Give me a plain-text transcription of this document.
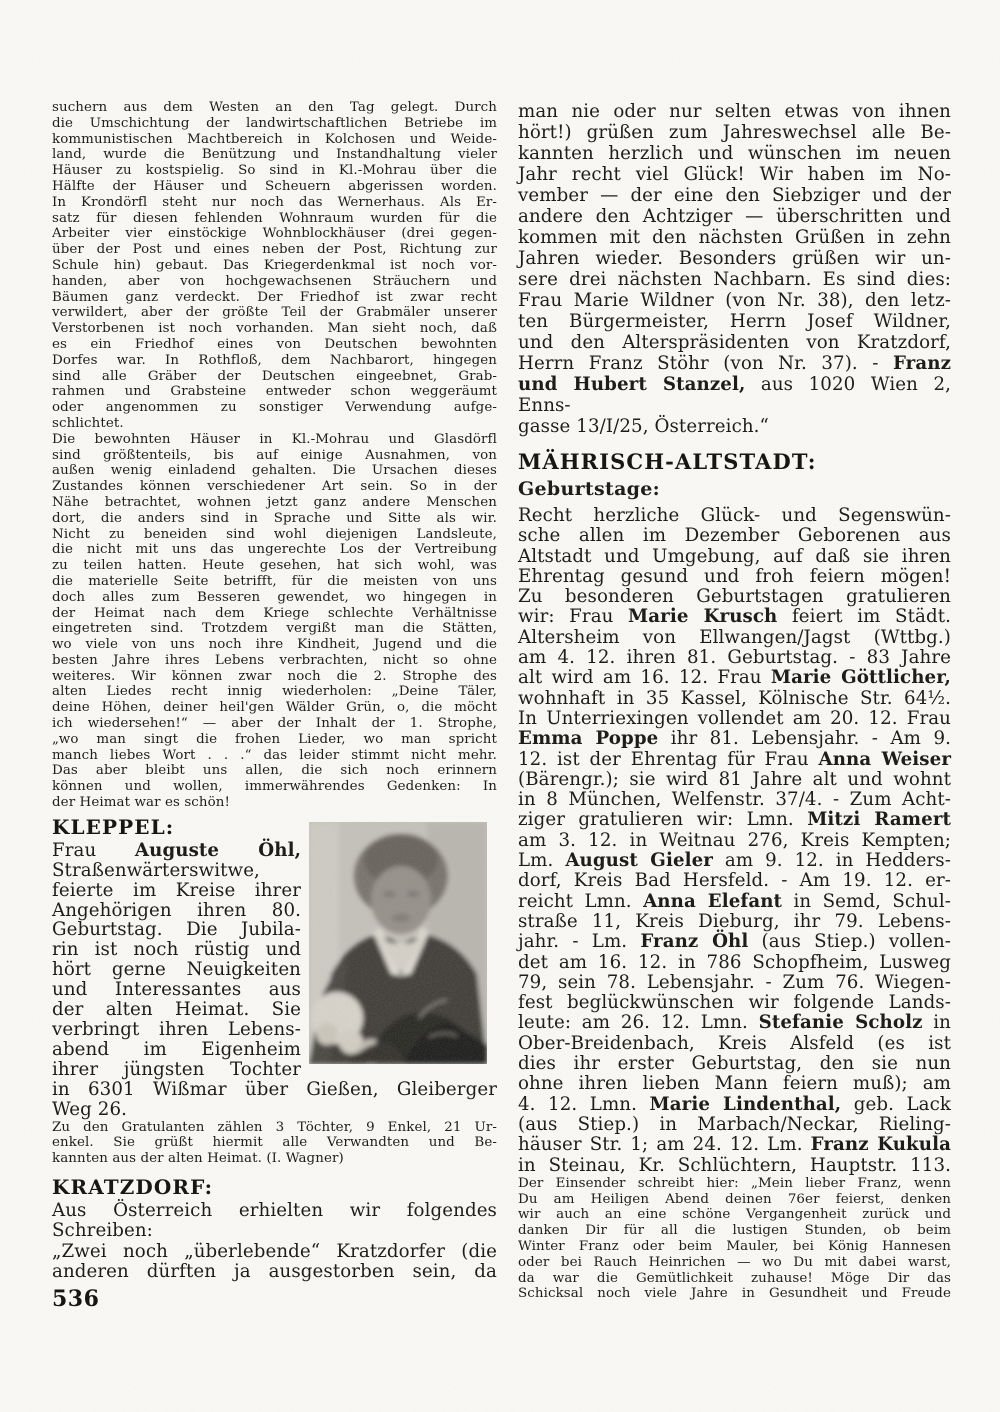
suchern aus dem Westen an den Tag gelegt. Durch
die Umschichtung der landwirtschaftlichen Betriebe im
kommunistischen Machtbereich in Kolchosen und Weide-
land, wurde die Benützung und Instandhaltung vieler
Häuser zu kostspielig. So sind in Kl.-Mohrau über die
Hälfte der Häuser und Scheuern abgerissen worden.
In Krondörfl steht nur noch das Wernerhaus. Als Er-
satz für diesen fehlenden Wohnraum wurden für die
Arbeiter vier einstöckige Wohnblockhäuser (drei gegen-
über der Post und eines neben der Post, Richtung zur
Schule hin) gebaut. Das Kriegerdenkmal ist noch vor-
handen, aber von hochgewachsenen Sträuchern und
Bäumen ganz verdeckt. Der Friedhof ist zwar recht
verwildert, aber der größte Teil der Grabmäler unserer
Verstorbenen ist noch vorhanden. Man sieht noch, daß
es ein Friedhof eines von Deutschen bewohnten
Dorfes war. In Rothfloß, dem Nachbarort, hingegen
sind alle Gräber der Deutschen eingeebnet, Grab-
rahmen und Grabsteine entweder schon weggeräumt
oder angenommen zu sonstiger Verwendung aufge-
schlichtet.
Die bewohnten Häuser in Kl.-Mohrau und Glasdörfl
sind größtenteils, bis auf einige Ausnahmen, von
außen wenig einladend gehalten. Die Ursachen dieses
Zustandes können verschiedener Art sein. So in der
Nähe betrachtet, wohnen jetzt ganz andere Menschen
dort, die anders sind in Sprache und Sitte als wir.
Nicht zu beneiden sind wohl diejenigen Landsleute,
die nicht mit uns das ungerechte Los der Vertreibung
zu teilen hatten. Heute gesehen, hat sich wohl, was
die materielle Seite betrifft, für die meisten von uns
doch alles zum Besseren gewendet, wo hingegen in
der Heimat nach dem Kriege schlechte Verhältnisse
eingetreten sind. Trotzdem vergißt man die Stätten,
wo viele von uns noch ihre Kindheit, Jugend und die
besten Jahre ihres Lebens verbrachten, nicht so ohne
weiteres. Wir können zwar noch die 2. Strophe des
alten Liedes recht innig wiederholen: „Deine Täler,
deine Höhen, deiner heil'gen Wälder Grün, o, die möcht
ich wiedersehen!“ — aber der Inhalt der 1. Strophe,
„wo man singt die frohen Lieder, wo man spricht
manch liebes Wort . . .“ das leider stimmt nicht mehr.
Das aber bleibt uns allen, die sich noch erinnern
können und wollen, immerwährendes Gedenken: In
der Heimat war es schön!
KLEPPEL:
Frau Auguste Öhl,
Straßenwärterswitwe,
feierte im Kreise ihrer
Angehörigen ihren 80.
Geburtstag. Die Jubila-
rin ist noch rüstig und
hört gerne Neuigkeiten
und Interessantes aus
der alten Heimat. Sie
verbringt ihren Lebens-
abend im Eigenheim
ihrer jüngsten Tochter
in 6301 Wißmar über Gießen, Gleiberger
Weg 26.
Zu den Gratulanten zählen 3 Töchter, 9 Enkel, 21 Ur-
enkel. Sie grüßt hiermit alle Verwandten und Be-
kannten aus der alten Heimat. (I. Wagner)
KRATZDORF:
Aus Österreich erhielten wir folgendes
Schreiben:
„Zwei noch „überlebende“ Kratzdorfer (die
anderen dürften ja ausgestorben sein, da
man nie oder nur selten etwas von ihnen
hört!) grüßen zum Jahreswechsel alle Be-
kannten herzlich und wünschen im neuen
Jahr recht viel Glück! Wir haben im No-
vember — der eine den Siebziger und der
andere den Achtziger — überschritten und
kommen mit den nächsten Grüßen in zehn
Jahren wieder. Besonders grüßen wir un-
sere drei nächsten Nachbarn. Es sind dies:
Frau Marie Wildner (von Nr. 38), den letz-
ten Bürgermeister, Herrn Josef Wildner,
und den Alterspräsidenten von Kratzdorf,
Herrn Franz Stöhr (von Nr. 37). - Franz
und Hubert Stanzel, aus 1020 Wien 2, Enns-
gasse 13/I/25, Österreich.“
MÄHRISCH-ALTSTADT:
Geburtstage:
Recht herzliche Glück- und Segenswün-
sche allen im Dezember Geborenen aus
Altstadt und Umgebung, auf daß sie ihren
Ehrentag gesund und froh feiern mögen!
Zu besonderen Geburtstagen gratulieren
wir: Frau Marie Krusch feiert im Städt.
Altersheim von Ellwangen/Jagst (Wttbg.)
am 4. 12. ihren 81. Geburtstag. - 83 Jahre
alt wird am 16. 12. Frau Marie Göttlicher,
wohnhaft in 35 Kassel, Kölnische Str. 64½.
In Unterriexingen vollendet am 20. 12. Frau
Emma Poppe ihr 81. Lebensjahr. - Am 9.
12. ist der Ehrentag für Frau Anna Weiser
(Bärengr.); sie wird 81 Jahre alt und wohnt
in 8 München, Welfenstr. 37/4. - Zum Acht-
ziger gratulieren wir: Lmn. Mitzi Ramert
am 3. 12. in Weitnau 276, Kreis Kempten;
Lm. August Gieler am 9. 12. in Hedders-
dorf, Kreis Bad Hersfeld. - Am 19. 12. er-
reicht Lmn. Anna Elefant in Semd, Schul-
straße 11, Kreis Dieburg, ihr 79. Lebens-
jahr. - Lm. Franz Öhl (aus Stiep.) vollen-
det am 16. 12. in 786 Schopfheim, Lusweg
79, sein 78. Lebensjahr. - Zum 76. Wiegen-
fest beglückwünschen wir folgende Lands-
leute: am 26. 12. Lmn. Stefanie Scholz in
Ober-Breidenbach, Kreis Alsfeld (es ist
dies ihr erster Geburtstag, den sie nun
ohne ihren lieben Mann feiern muß); am
4. 12. Lmn. Marie Lindenthal, geb. Lack
(aus Stiep.) in Marbach/Neckar, Rieling-
häuser Str. 1; am 24. 12. Lm. Franz Kukula
in Steinau, Kr. Schlüchtern, Hauptstr. 113.
Der Einsender schreibt hier: „Mein lieber Franz, wenn
Du am Heiligen Abend deinen 76er feierst, denken
wir auch an eine schöne Vergangenheit zurück und
danken Dir für all die lustigen Stunden, ob beim
Winter Franz oder beim Mauler, bei König Hannesen
oder bei Rauch Heinrichen — wo Du mit dabei warst,
da war die Gemütlichkeit zuhause! Möge Dir das
Schicksal noch viele Jahre in Gesundheit und Freude
536
